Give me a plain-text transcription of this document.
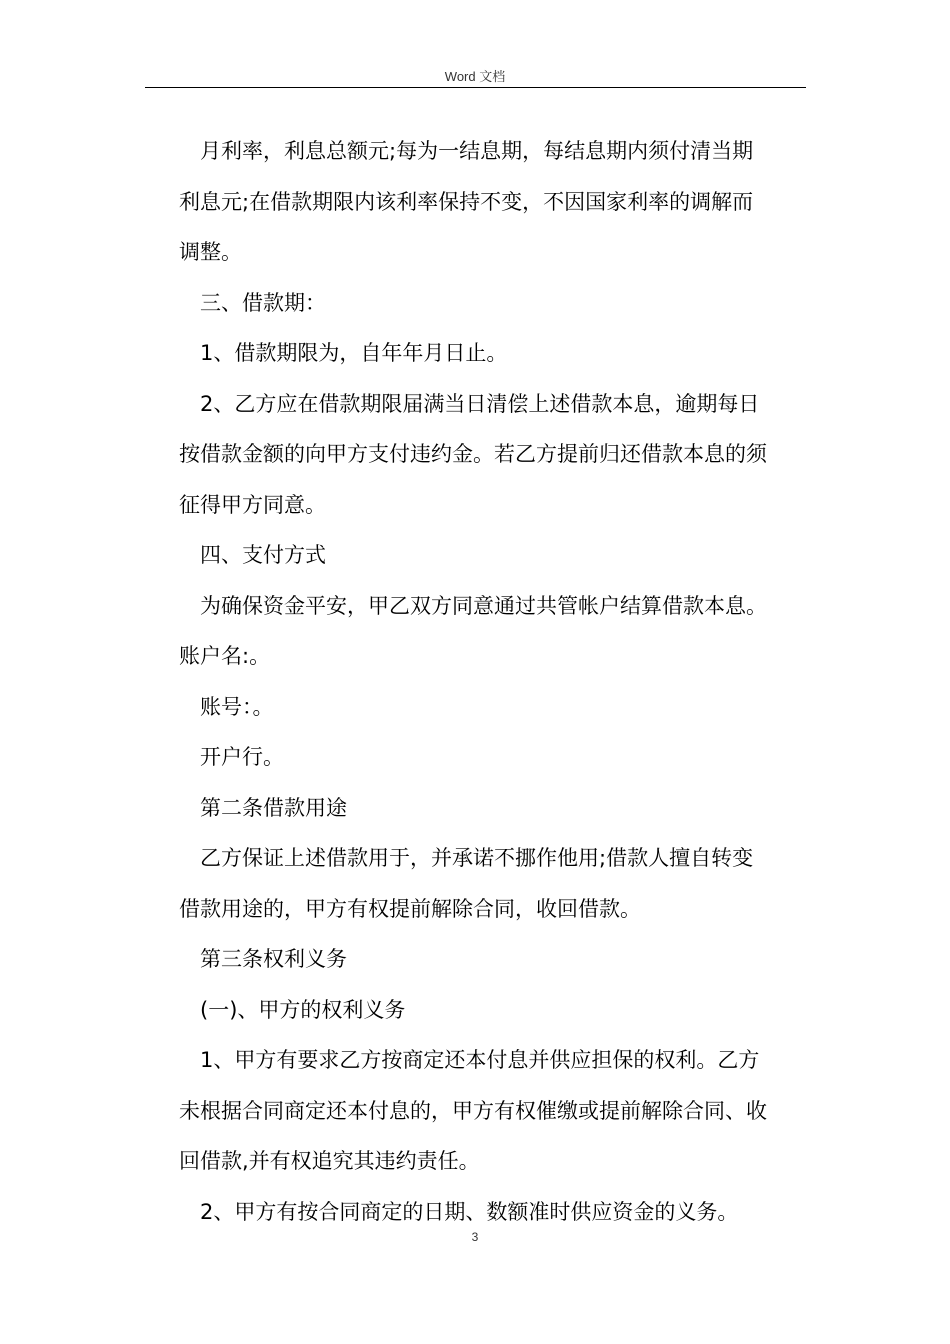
Word 文档

月利率，利息总额元;每为一结息期，每结息期内须付清当期

利息元;在借款期限内该利率保持不变，不因国家利率的调解而

调整。

三、借款期：

1、借款期限为，自年年月日止。

2、乙方应在借款期限届满当日清偿上述借款本息，逾期每日

按借款金额的向甲方支付违约金。若乙方提前归还借款本息的须

征得甲方同意。

四、支付方式

为确保资金平安，甲乙双方同意通过共管帐户结算借款本息。

账户名:。

账号：。

开户行。

第二条借款用途

乙方保证上述借款用于，并承诺不挪作他用;借款人擅自转变

借款用途的，甲方有权提前解除合同，收回借款。

第三条权利义务

(一)、甲方的权利义务

1、甲方有要求乙方按商定还本付息并供应担保的权利。乙方

未根据合同商定还本付息的，甲方有权催缴或提前解除合同、收

回借款,并有权追究其违约责任。

2、甲方有按合同商定的日期、数额准时供应资金的义务。

3
